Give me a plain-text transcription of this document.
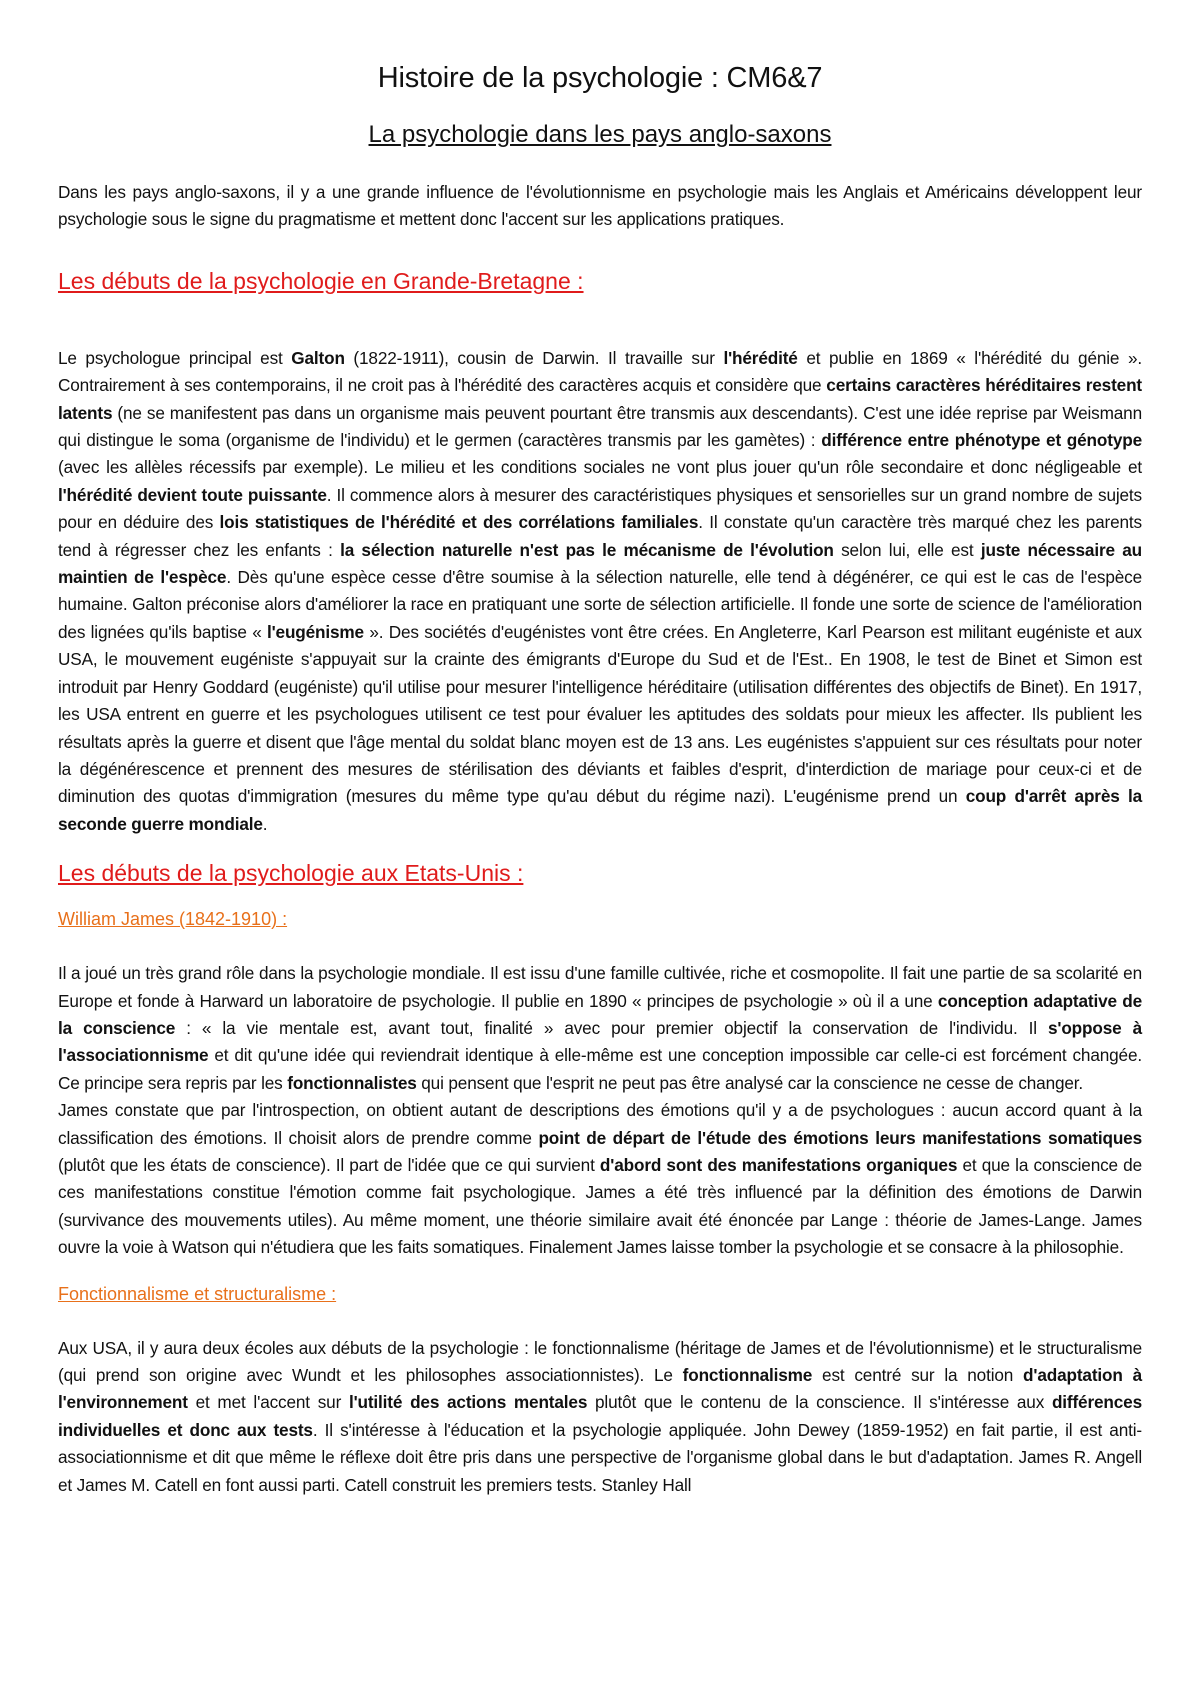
Histoire de la psychologie : CM6&7
La psychologie dans les pays anglo-saxons

Dans les pays anglo-saxons, il y a une grande influence de l'évolutionnisme en psychologie mais les Anglais et Américains développent leur psychologie sous le signe du pragmatisme et mettent donc l'accent sur les applications pratiques.

Les débuts de la psychologie en Grande-Bretagne :

Le psychologue principal est Galton (1822-1911), cousin de Darwin. Il travaille sur l'hérédité et publie en 1869 « l'hérédité du génie ». Contrairement à ses contemporains, il ne croit pas à l'hérédité des caractères acquis et considère que certains caractères héréditaires restent latents (ne se manifestent pas dans un organisme mais peuvent pourtant être transmis aux descendants). C'est une idée reprise par Weismann qui distingue le soma (organisme de l'individu) et le germen (caractères transmis par les gamètes) : différence entre phénotype et génotype (avec les allèles récessifs par exemple). Le milieu et les conditions sociales ne vont plus jouer qu'un rôle secondaire et donc négligeable et l'hérédité devient toute puissante. Il commence alors à mesurer des caractéristiques physiques et sensorielles sur un grand nombre de sujets pour en déduire des lois statistiques de l'hérédité et des corrélations familiales. Il constate qu'un caractère très marqué chez les parents tend à régresser chez les enfants : la sélection naturelle n'est pas le mécanisme de l'évolution selon lui, elle est juste nécessaire au maintien de l'espèce. Dès qu'une espèce cesse d'être soumise à la sélection naturelle, elle tend à dégénérer, ce qui est le cas de l'espèce humaine. Galton préconise alors d'améliorer la race en pratiquant une sorte de sélection artificielle. Il fonde une sorte de science de l'amélioration des lignées qu'ils baptise « l'eugénisme ». Des sociétés d'eugénistes vont être crées. En Angleterre, Karl Pearson est militant eugéniste et aux USA, le mouvement eugéniste s'appuyait sur la crainte des émigrants d'Europe du Sud et de l'Est.. En 1908, le test de Binet et Simon est introduit par Henry Goddard (eugéniste) qu'il utilise pour mesurer l'intelligence héréditaire (utilisation différentes des objectifs de Binet). En 1917, les USA entrent en guerre et les psychologues utilisent ce test pour évaluer les aptitudes des soldats pour mieux les affecter. Ils publient les résultats après la guerre et disent que l'âge mental du soldat blanc moyen est de 13 ans. Les eugénistes s'appuient sur ces résultats pour noter la dégénérescence et prennent des mesures de stérilisation des déviants et faibles d'esprit, d'interdiction de mariage pour ceux-ci et de diminution des quotas d'immigration (mesures du même type qu'au début du régime nazi). L'eugénisme prend un coup d'arrêt après la seconde guerre mondiale.

Les débuts de la psychologie aux Etats-Unis :
William James (1842-1910) :

Il a joué un très grand rôle dans la psychologie mondiale. Il est issu d'une famille cultivée, riche et cosmopolite. Il fait une partie de sa scolarité en Europe et fonde à Harward un laboratoire de psychologie. Il publie en 1890 « principes de psychologie » où il a une conception adaptative de la conscience : « la vie mentale est, avant tout, finalité » avec pour premier objectif la conservation de l'individu. Il s'oppose à l'associationnisme et dit qu'une idée qui reviendrait identique à elle-même est une conception impossible car celle-ci est forcément changée. Ce principe sera repris par les fonctionnalistes qui pensent que l'esprit ne peut pas être analysé car la conscience ne cesse de changer.

James constate que par l'introspection, on obtient autant de descriptions des émotions qu'il y a de psychologues : aucun accord quant à la classification des émotions. Il choisit alors de prendre comme point de départ de l'étude des émotions leurs manifestations somatiques (plutôt que les états de conscience). Il part de l'idée que ce qui survient d'abord sont des manifestations organiques et que la conscience de ces manifestations constitue l'émotion comme fait psychologique. James a été très influencé par la définition des émotions de Darwin (survivance des mouvements utiles). Au même moment, une théorie similaire avait été énoncée par Lange : théorie de James-Lange. James ouvre la voie à Watson qui n'étudiera que les faits somatiques. Finalement James laisse tomber la psychologie et se consacre à la philosophie.

Fonctionnalisme et structuralisme :

Aux USA, il y aura deux écoles aux débuts de la psychologie : le fonctionnalisme (héritage de James et de l'évolutionnisme) et le structuralisme (qui prend son origine avec Wundt et les philosophes associationnistes). Le fonctionnalisme est centré sur la notion d'adaptation à l'environnement et met l'accent sur l'utilité des actions mentales plutôt que le contenu de la conscience. Il s'intéresse aux différences individuelles et donc aux tests. Il s'intéresse à l'éducation et la psychologie appliquée. John Dewey (1859-1952) en fait partie, il est anti-associationnisme et dit que même le réflexe doit être pris dans une perspective de l'organisme global dans le but d'adaptation. James R. Angell et James M. Catell en font aussi parti. Catell construit les premiers tests. Stanley Hall
